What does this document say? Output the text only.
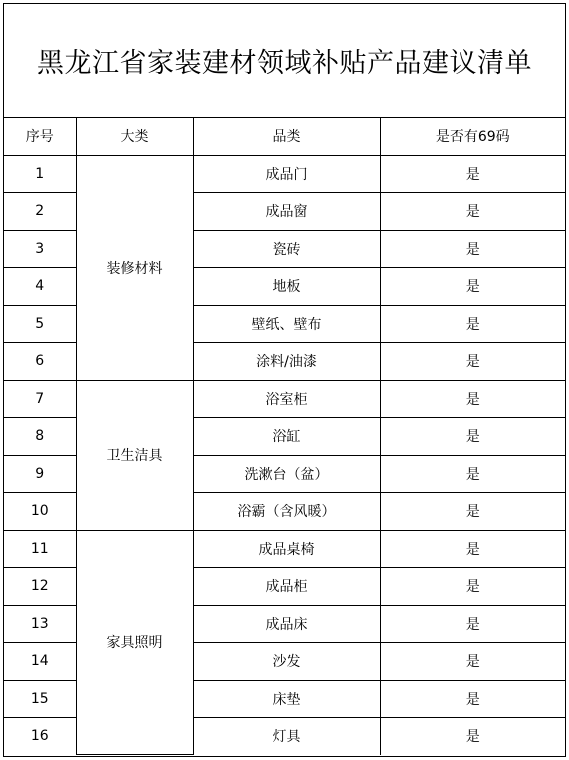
黑龙江省家装建材领域补贴产品建议清单
序号	大类	品类	是否有69码
1	装修材料	成品门	是
2		成品窗	是
3		瓷砖	是
4		地板	是
5		壁纸、壁布	是
6		涂料/油漆	是
7	卫生洁具	浴室柜	是
8		浴缸	是
9		洗漱台（盆）	是
10		浴霸（含风暖）	是
11	家具照明	成品桌椅	是
12		成品柜	是
13		成品床	是
14		沙发	是
15		床垫	是
16		灯具	是
